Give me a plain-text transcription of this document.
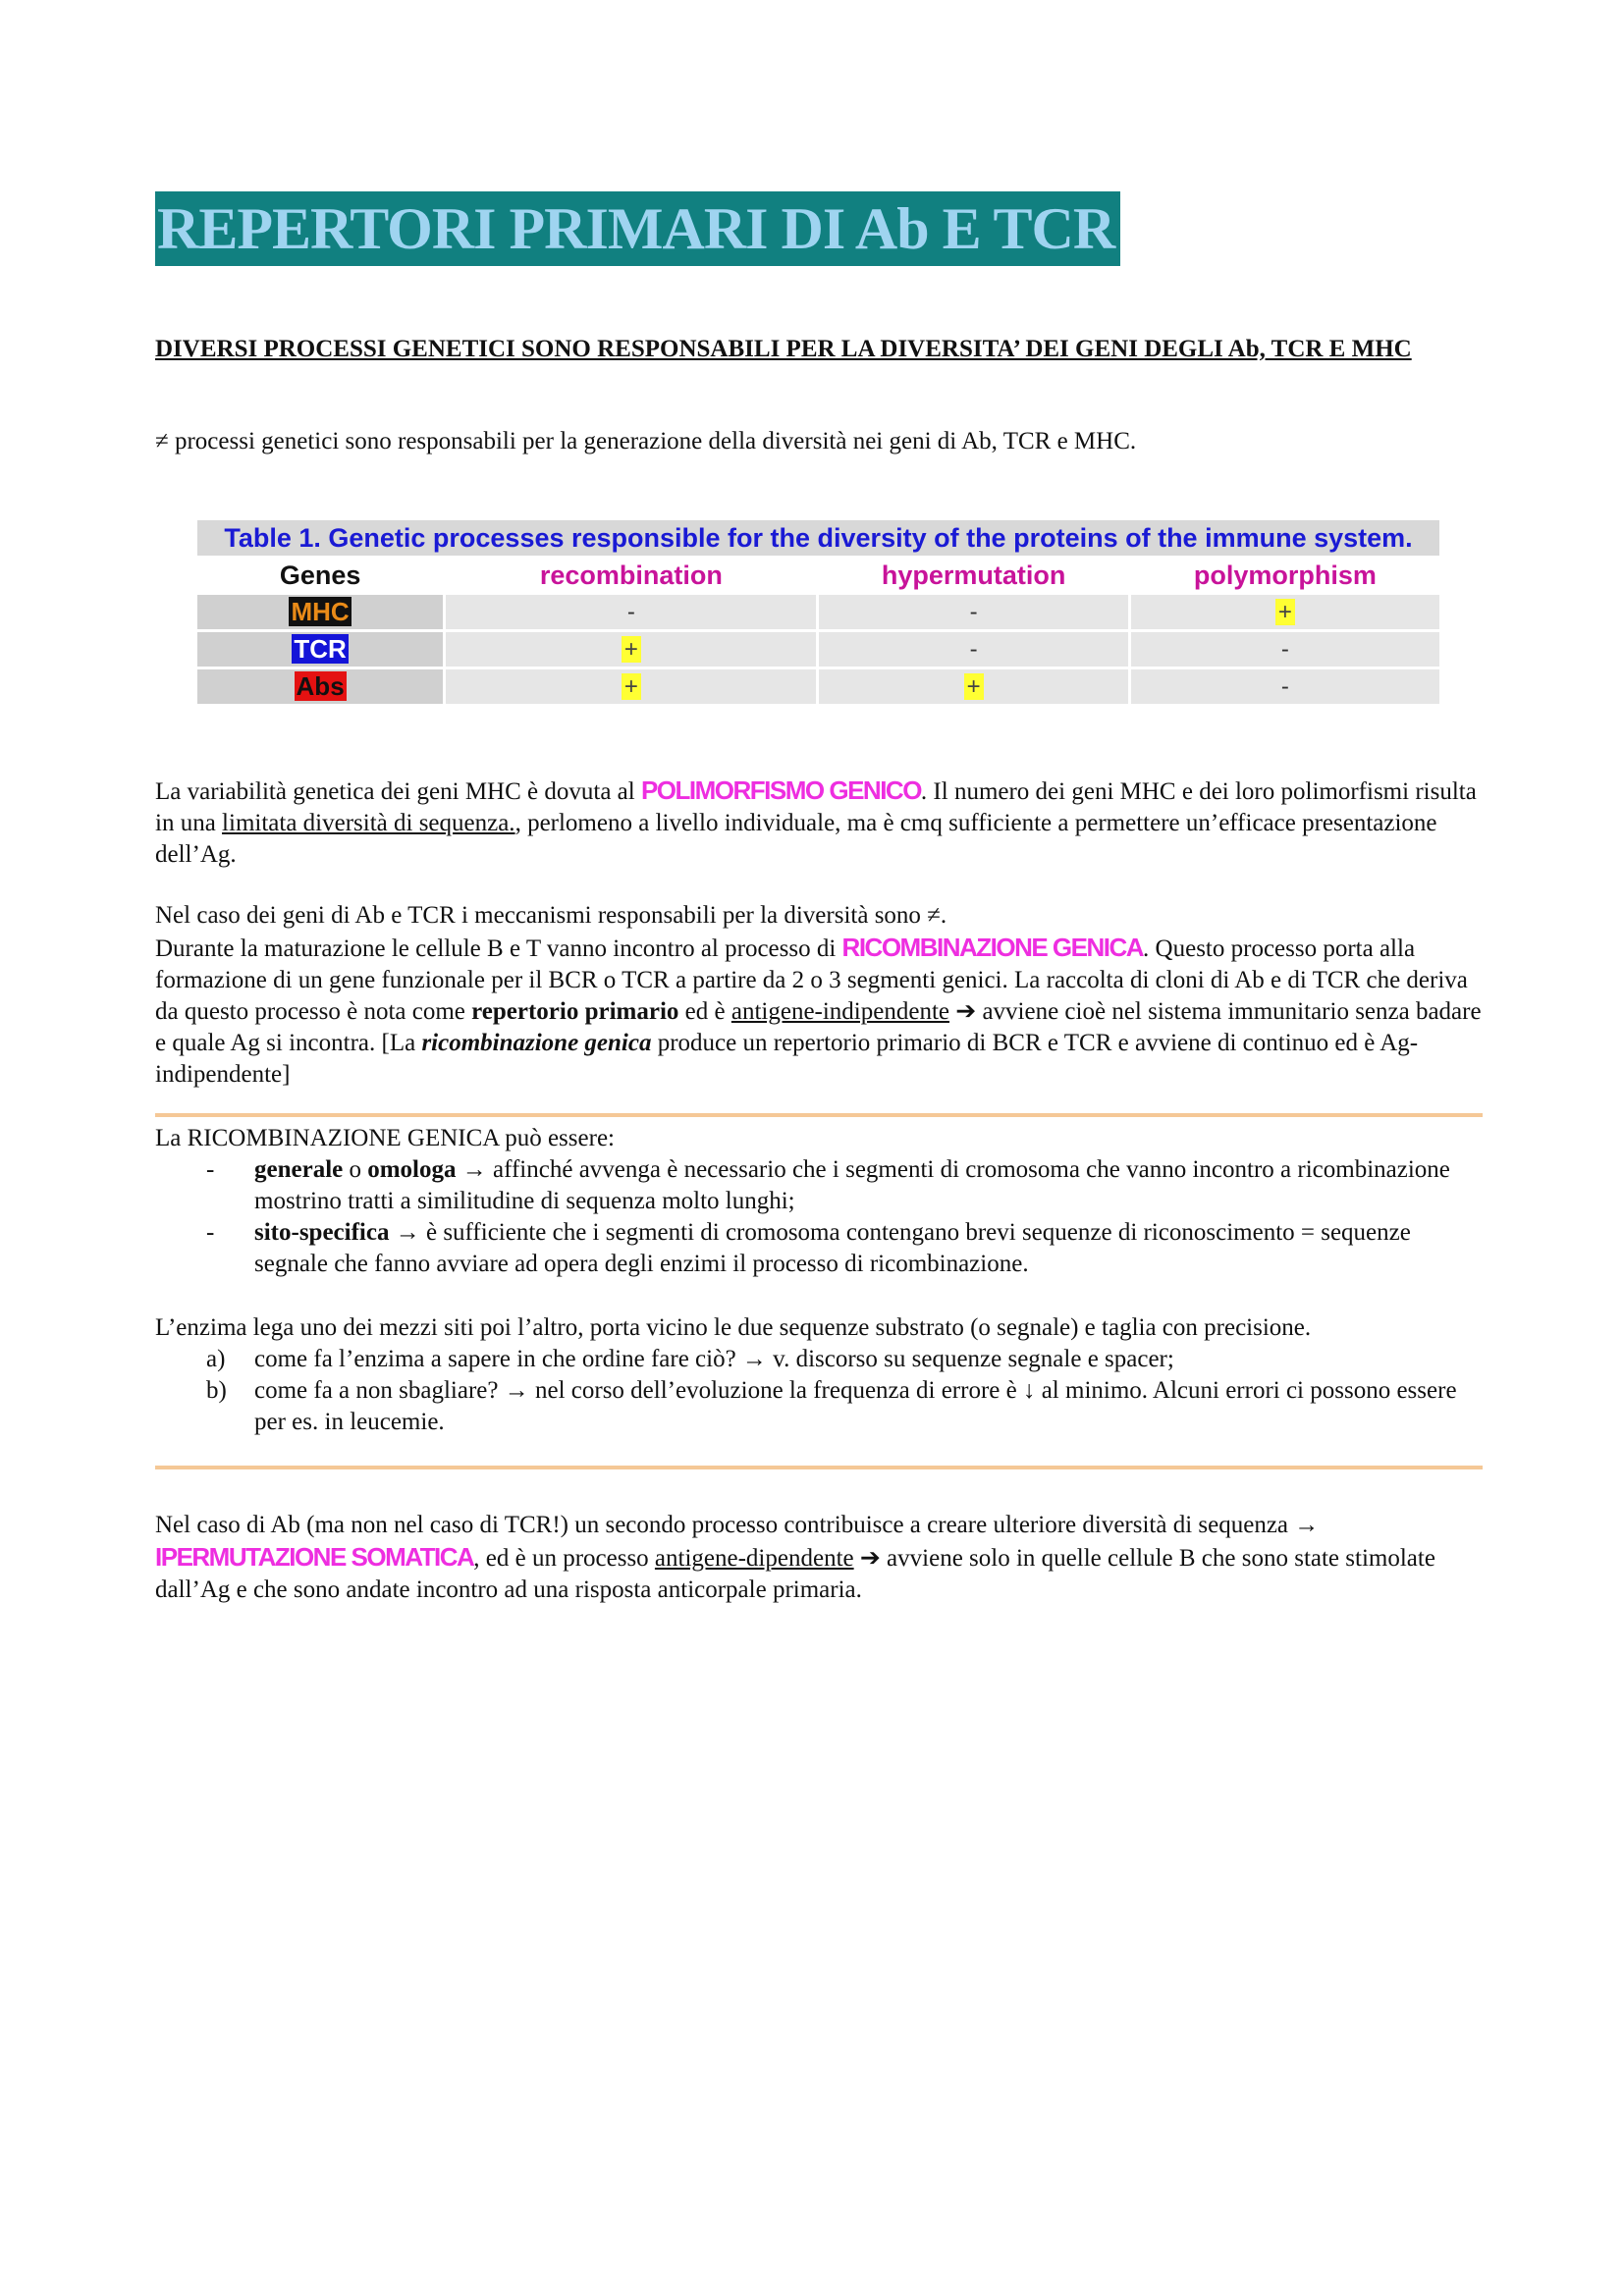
REPERTORI PRIMARI DI Ab E TCR
DIVERSI PROCESSI GENETICI SONO RESPONSABILI PER LA DIVERSITA’ DEI GENI DEGLI Ab, TCR E MHC
≠ processi genetici sono responsabili per la generazione della diversità nei geni di Ab, TCR e MHC.
Table 1. Genetic processes responsible for the diversity of the proteins of the immune system.
Genes	recombination	hypermutation	polymorphism
MHC	-	-	+
TCR	+	-	-
Abs	+	+	-
La variabilità genetica dei geni MHC è dovuta al POLIMORFISMO GENICO. Il numero dei geni MHC e dei loro polimorfismi risulta in una limitata diversità di sequenza., perlomeno a livello individuale, ma è cmq sufficiente a permettere un’efficace presentazione dell’Ag.
Nel caso dei geni di Ab e TCR i meccanismi responsabili per la diversità sono ≠.
Durante la maturazione le cellule B e T vanno incontro al processo di RICOMBINAZIONE GENICA. Questo processo porta alla formazione di un gene funzionale per il BCR o TCR a partire da 2 o 3 segmenti genici. La raccolta di cloni di Ab e di TCR che deriva da questo processo è nota come repertorio primario ed è antigene-indipendente ➔ avviene cioè nel sistema immunitario senza badare e quale Ag si incontra. [La ricombinazione genica produce un repertorio primario di BCR e TCR e avviene di continuo ed è Ag-indipendente]
La RICOMBINAZIONE GENICA può essere:
- generale o omologa → affinché avvenga è necessario che i segmenti di cromosoma che vanno incontro a ricombinazione mostrino tratti a similitudine di sequenza molto lunghi;
- sito-specifica → è sufficiente che i segmenti di cromosoma contengano brevi sequenze di riconoscimento = sequenze segnale che fanno avviare ad opera degli enzimi il processo di ricombinazione.
L’enzima lega uno dei mezzi siti poi l’altro, porta vicino le due sequenze substrato (o segnale) e taglia con precisione.
a) come fa l’enzima a sapere in che ordine fare ciò? → v. discorso su sequenze segnale e spacer;
b) come fa a non sbagliare? → nel corso dell’evoluzione la frequenza di errore è ↓ al minimo. Alcuni errori ci possono essere per es. in leucemie.
Nel caso di Ab (ma non nel caso di TCR!) un secondo processo contribuisce a creare ulteriore diversità di sequenza → IPERMUTAZIONE SOMATICA, ed è un processo antigene-dipendente ➔ avviene solo in quelle cellule B che sono state stimolate dall’Ag e che sono andate incontro ad una risposta anticorpale primaria.
